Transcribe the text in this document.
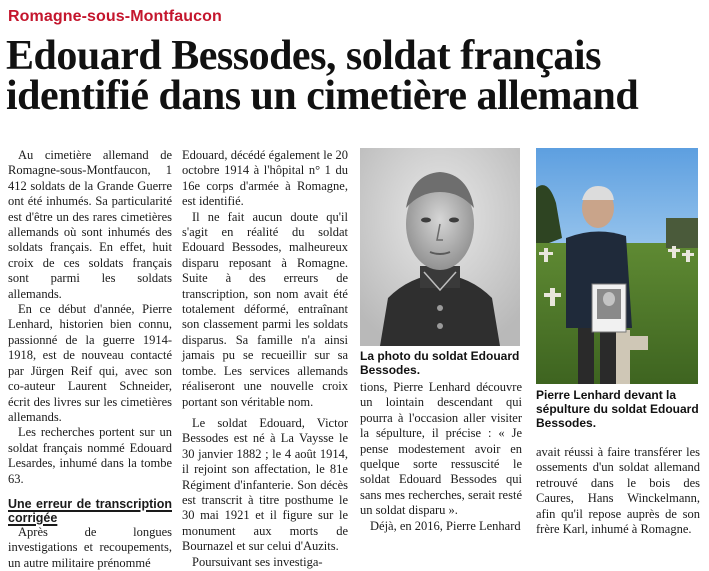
Romagne-sous-Montfaucon
Edouard Bessodes, soldat français identifié dans un cimetière allemand

Au cimetière allemand de Romagne-sous-Montfaucon, 1 412 soldats de la Grande Guerre ont été inhumés. Sa particularité est d'être un des rares cimetières allemands où sont inhumés des soldats français. En effet, huit croix de ces soldats français sont parmi les soldats allemands.

En ce début d'année, Pierre Lenhard, historien bien connu, passionné de la guerre 1914-1918, est de nouveau contacté par Jürgen Reif qui, avec son co-auteur Laurent Schneider, écrit des livres sur les cimetières allemands.

Les recherches portent sur un soldat français nommé Edouard Lesardes, inhumé dans la tombe 63.

Une erreur de transcription corrigée

Après de longues investigations et recoupements, un autre militaire prénommé

Edouard, décédé également le 20 octobre 1914 à l'hôpital n° 1 du 16e corps d'armée à Romagne, est identifié.

Il ne fait aucun doute qu'il s'agit en réalité du soldat Edouard Bessodes, malheureux disparu reposant à Romagne. Suite à des erreurs de transcription, son nom avait été totalement déformé, entraînant son classement parmi les soldats disparus. Sa famille n'a ainsi jamais pu se recueillir sur sa tombe. Les services allemands réaliseront une nouvelle croix portant son véritable nom.

Le soldat Edouard, Victor Bessodes est né à La Vaysse le 30 janvier 1882 ; le 4 août 1914, il rejoint son affectation, le 81e Régiment d'infanterie. Son décès est transcrit à titre posthume le 30 mai 1921 et il figure sur le monument aux morts de Bournazel et sur celui d'Auzits.

Poursuivant ses investiga-

La photo du soldat Edouard Bessodes.
Pierre Lenhard devant la sépulture du soldat Edouard Bessodes.

tions, Pierre Lenhard découvre un lointain descendant qui pourra à l'occasion aller visiter la sépulture, il précise : « Je pense modestement avoir en quelque sorte ressuscité le soldat Edouard Bessodes qui sans mes recherches, serait resté un soldat disparu ».

Déjà, en 2016, Pierre Lenhard

avait réussi à faire transférer les ossements d'un soldat allemand retrouvé dans le bois des Caures, Hans Winckelmann, afin qu'il repose auprès de son frère Karl, inhumé à Romagne.
